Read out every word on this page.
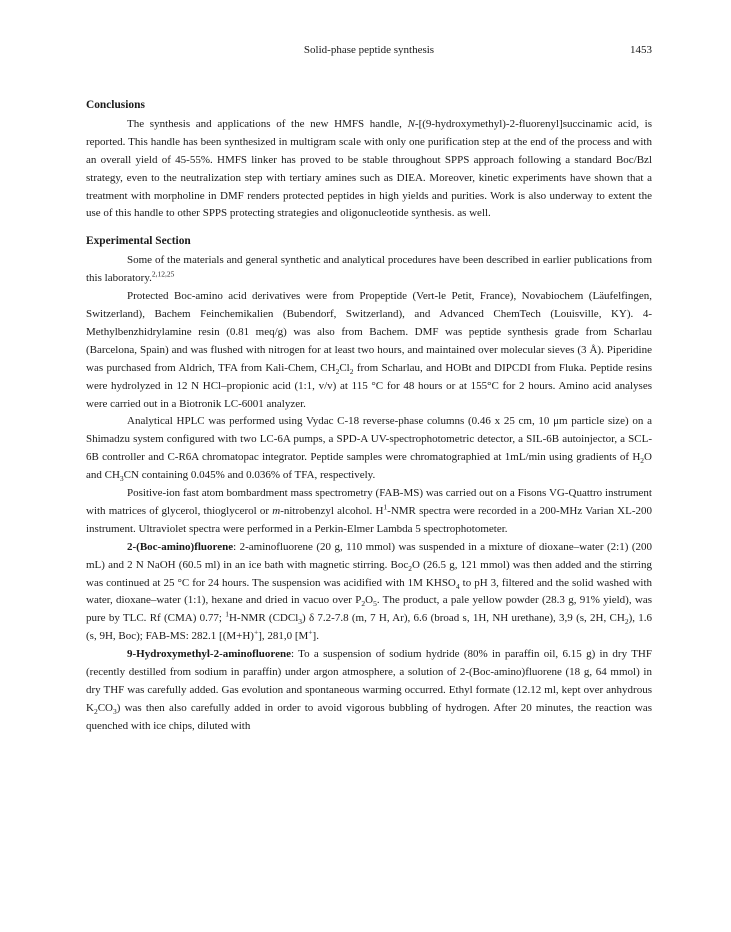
Solid-phase peptide synthesis	1453
Conclusions

The synthesis and applications of the new HMFS handle, N-[(9-hydroxymethyl)-2-fluorenyl]succinamic acid, is reported. This handle has been synthesized in multigram scale with only one purification step at the end of the process and with an overall yield of 45-55%. HMFS linker has proved to be stable throughout SPPS approach following a standard Boc/Bzl strategy, even to the neutralization step with tertiary amines such as DIEA. Moreover, kinetic experiments have shown that a treatment with morpholine in DMF renders protected peptides in high yields and purities. Work is also underway to extent the use of this handle to other SPPS protecting strategies and oligonucleotide synthesis. as well.

Experimental Section

Some of the materials and general synthetic and analytical procedures have been described in earlier publications from this laboratory.$^{2,12,25}$

Protected Boc-amino acid derivatives were from Propeptide (Vert-le Petit, France), Novabiochem (Läufelfingen, Switzerland), Bachem Feinchemikalien (Bubendorf, Switzerland), and Advanced ChemTech (Louisville, KY). 4-Methylbenzhidrylamine resin (0.81 meq/g) was also from Bachem. DMF was peptide synthesis grade from Scharlau (Barcelona, Spain) and was flushed with nitrogen for at least two hours, and maintained over molecular sieves (3 Å). Piperidine was purchased from Aldrich, TFA from Kali-Chem, $CH_2Cl_2$ from Scharlau, and HOBt and DIPCDI from Fluka. Peptide resins were hydrolyzed in 12 N HCl–propionic acid (1:1, v/v) at 115 °C for 48 hours or at 155°C for 2 hours. Amino acid analyses were carried out in a Biotronik LC-6001 analyzer.

Analytical HPLC was performed using Vydac C-18 reverse-phase columns (0.46 x 25 cm, 10 μm particle size) on a Shimadzu system configured with two LC-6A pumps, a SPD-A UV-spectrophotometric detector, a SIL-6B autoinjector, a SCL-6B controller and C-R6A chromatopac integrator. Peptide samples were chromatographied at 1mL/min using gradients of $H_2O$ and $CH_3CN$ containing 0.045% and 0.036% of TFA, respectively.

Positive-ion fast atom bombardment mass spectrometry (FAB-MS) was carried out on a Fisons VG-Quattro instrument with matrices of glycerol, thioglycerol or m-nitrobenzyl alcohol. $H^1$-NMR spectra were recorded in a 200-MHz Varian XL-200 instrument. Ultraviolet spectra were performed in a Perkin-Elmer Lambda 5 spectrophotometer.

2-(Boc-amino)fluorene: 2-aminofluorene (20 g, 110 mmol) was suspended in a mixture of dioxane–water (2:1) (200 mL) and 2 N NaOH (60.5 ml) in an ice bath with magnetic stirring. Boc$_2$O (26.5 g, 121 mmol) was then added and the stirring was continued at 25 °C for 24 hours. The suspension was acidified with 1M $KHSO_4$ to pH 3, filtered and the solid washed with water, dioxane–water (1:1), hexane and dried in vacuo over $P_2O_5$. The product, a pale yellow powder (28.3 g, 91% yield), was pure by TLC. Rf (CMA) 0.77; $^1$H-NMR (CDCl$_3$) δ 7.2-7.8 (m, 7 H, Ar), 6.6 (broad s, 1H, NH urethane), 3,9 (s, 2H, $CH_2$), 1.6 (s, 9H, Boc); FAB-MS: 282.1 [(M+H)+], 281,0 [M+].

9-Hydroxymethyl-2-aminofluorene: To a suspension of sodium hydride (80% in paraffin oil, 6.15 g) in dry THF (recently destilled from sodium in paraffin) under argon atmosphere, a solution of 2-(Boc-amino)fluorene (18 g, 64 mmol) in dry THF was carefully added. Gas evolution and spontaneous warming occurred. Ethyl formate (12.12 ml, kept over anhydrous $K_2CO_3$) was then also carefully added in order to avoid vigorous bubbling of hydrogen. After 20 minutes, the reaction was quenched with ice chips, diluted with
